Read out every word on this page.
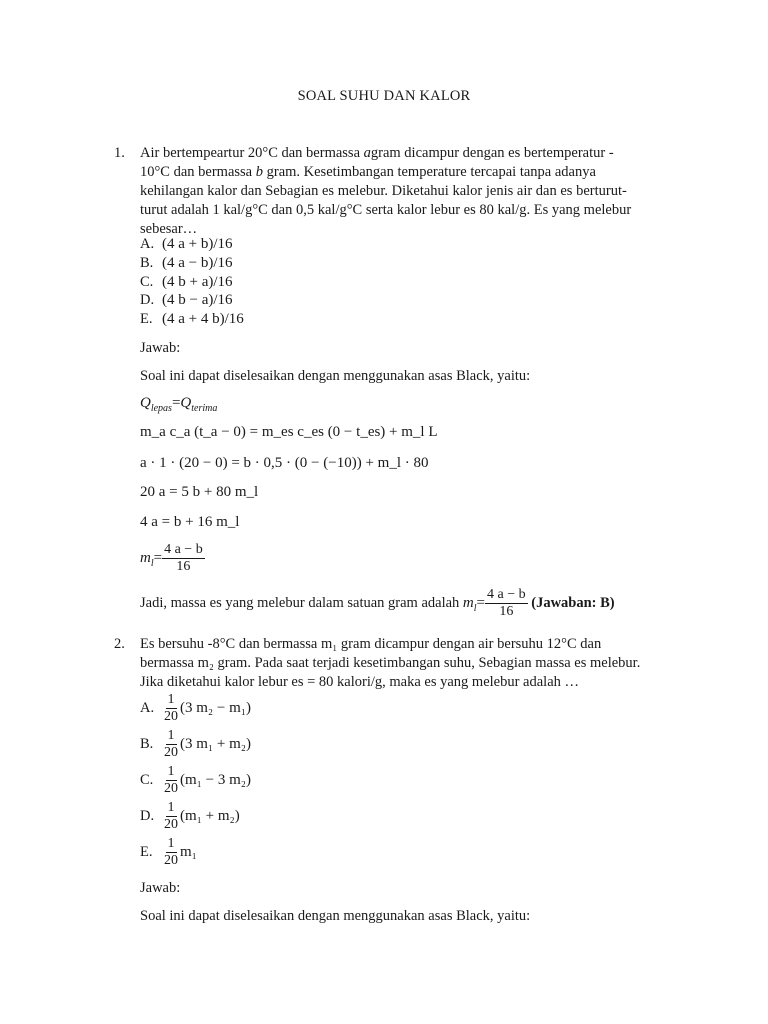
SOAL SUHU DAN KALOR
1. Air bertempeartur 20°C dan bermassa agram dicampur dengan es bertemperatur -
10°C dan bermassa b gram. Kesetimbangan temperature tercapai tanpa adanya
kehilangan kalor dan Sebagian es melebur. Diketahui kalor jenis air dan es berturut-
turut adalah 1 kal/g°C dan 0,5 kal/g°C serta kalor lebur es 80 kal/g. Es yang melebur
sebesar…
A. (4 a + b)/16
B. (4 a − b)/16
C. (4 b + a)/16
D. (4 b − a)/16
E. (4 a + 4 b)/16
Jawab:
Soal ini dapat diselesaikan dengan menggunakan asas Black, yaitu:
$Q_{lepas}=Q_{terima}$
m_a c_a (t_a − 0) = m_es c_es (0 − t_es) + m_l L
a · 1 · (20 − 0) = b · 0,5 · (0 − (−10)) + m_l · 80
20 a = 5 b + 80 m_l
4 a = b + 16 m_l
$m_l= \frac{4 a - b}{16}$
Jadi, massa es yang melebur dalam satuan gram adalah $m_l= \frac{4 a - b}{16}$ (Jawaban: B)
2. Es bersuhu -8°C dan bermassa m₁ gram dicampur dengan air bersuhu 12°C dan
bermassa m₂ gram. Pada saat terjadi kesetimbangan suhu, Sebagian massa es melebur.
Jika diketahui kalor lebur es = 80 kalori/g, maka es yang melebur adalah …
A. $\frac{1}{20} (3$ m₂ − m₁)
B. $\frac{1}{20} (3$ m₁ + m₂)
C. $\frac{1}{20} (m_1 - 3$ m₂)
D. $\frac{1}{20} (m_1 + m_2)$
E. $\frac{1}{20} m_1$
Jawab:
Soal ini dapat diselesaikan dengan menggunakan asas Black, yaitu:
